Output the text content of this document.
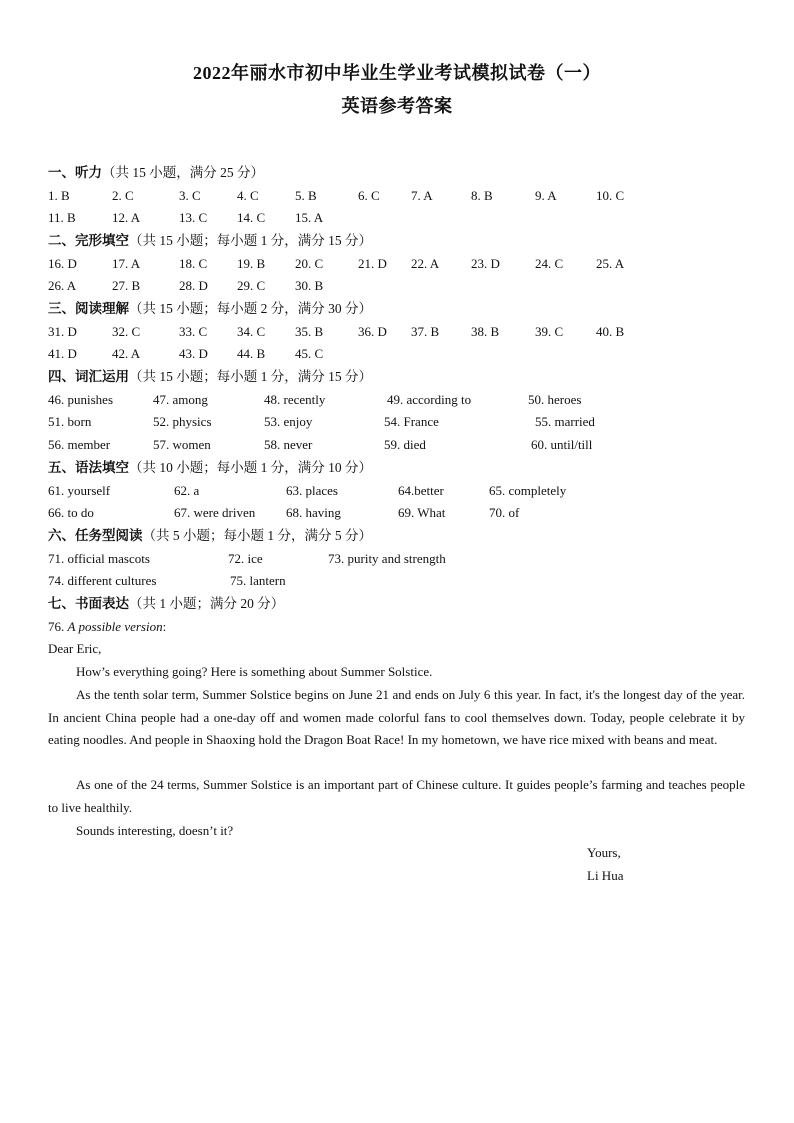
2022年丽水市初中毕业生学业考试模拟试卷（一）
英语参考答案
一、听力（共 15 小题，满分 25 分）
1. B	2. C	3. C	4. C	5. B	6. C 7. A	8. B	9. A	10. C
11. B	12. A	13. C 14. C 15. A
二、完形填空（共 15 小题；每小题 1 分，满分 15 分）
16. D	17. A	18. C 19. B 20. C	21. D 22. A 23. D	24. C	25. A
26. A	27. B	28. D 29. C 30. B
三、阅读理解（共 15 小题；每小题 2 分，满分 30 分）
31. D	32. C	33. C 34. C 35. B	36. D 37. B 38. B	39. C	40. B
41. D	42. A	43. D 44. B 45. C
四、词汇运用（共 15 小题；每小题 1 分，满分 15 分）
46. punishes	47. among	48. recently	49. according to	50. heroes
51. born	52. physics	53. enjoy	54. France	55. married
56. member	57. women	58. never	59. died	60. until/till
五、语法填空（共 10 小题；每小题 1 分，满分 10 分）
61. yourself	62. a	63. places	64.better	65. completely
66. to do	67. were driven 68. having	69. What	70. of
六、任务型阅读（共 5 小题；每小题 1 分，满分 5 分）
71. official mascots	72. ice	73. purity and strength
74. different cultures	75. lantern
七、书面表达（共 1 小题；满分 20 分）
76. A possible version:
Dear Eric,
How’s everything going? Here is something about Summer Solstice.
As the tenth solar term, Summer Solstice begins on June 21 and ends on July 6 this year. In fact, it's the longest day of the year. In ancient China people had a one-day off and women made colorful fans to cool themselves down. Today, people celebrate it by eating noodles. And people in Shaoxing hold the Dragon Boat Race! In my hometown, we have rice mixed with beans and meat.
As one of the 24 terms, Summer Solstice is an important part of Chinese culture. It guides people’s farming and teaches people to live healthily.
Sounds interesting, doesn’t it?
Yours,
Li Hua
